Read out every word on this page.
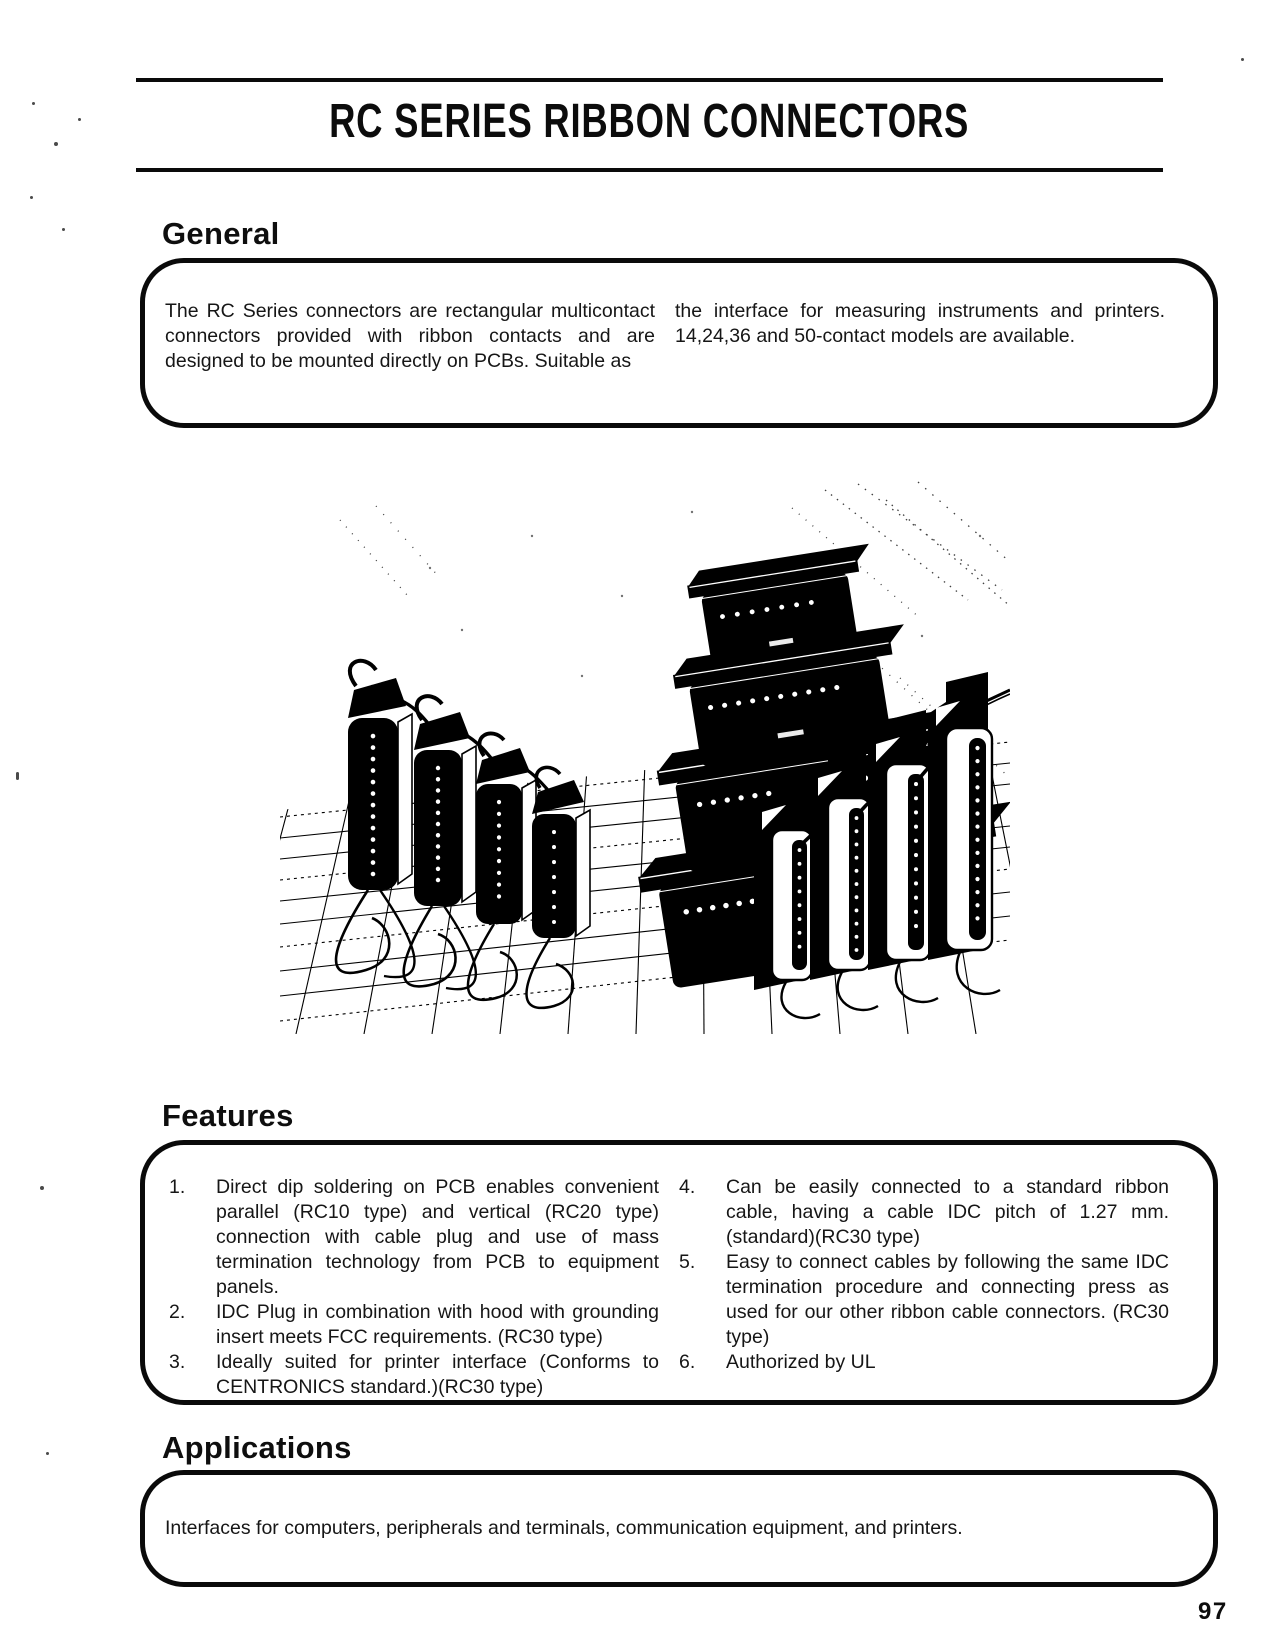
RC SERIES RIBBON CONNECTORS
General

The RC Series connectors are rectangular multicontact connectors provided with ribbon contacts and are designed to be mounted directly on PCBs. Suitable as

the interface for measuring instruments and printers. 14,24,36 and 50-contact models are available.

Features
1.	Direct dip soldering on PCB enables convenient parallel (RC10 type) and vertical (RC20 type) connection with cable plug and use of mass termination technology from PCB to equipment panels.

2.	IDC Plug in combination with hood with grounding insert meets FCC requirements. (RC30 type)

3.	Ideally suited for printer interface (Conforms to CENTRONICS standard.)(RC30 type)

4.	Can be easily connected to a standard ribbon cable, having a cable IDC pitch of 1.27 mm. (standard)(RC30 type)

5.	Easy to connect cables by following the same IDC termination procedure and connecting press as used for our other ribbon cable connectors. (RC30 type)

6.	Authorized by UL

Applications

Interfaces for computers, peripherals and terminals, communication equipment, and printers.

97
